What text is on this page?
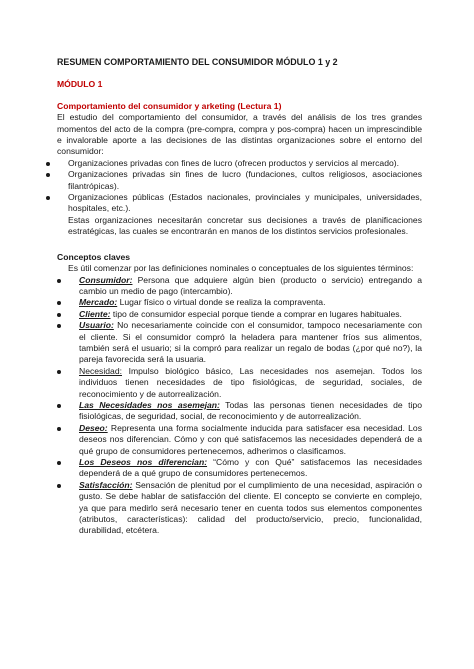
RESUMEN COMPORTAMIENTO DEL CONSUMIDOR MÓDULO 1 y 2
MÓDULO 1
Comportamiento del consumidor y arketing (Lectura 1)

El estudio del comportamiento del consumidor, a través del análisis de los tres grandes momentos del acto de la compra (pre-compra, compra y pos-compra) hacen un imprescindible e invalorable aporte a las decisiones de las distintas organizaciones sobre el entorno del consumidor:

Organizaciones privadas con fines de lucro (ofrecen productos y servicios al mercado).
Organizaciones privadas sin fines de lucro (fundaciones, cultos religiosos, asociaciones filantrópicas).
Organizaciones públicas (Estados nacionales, provinciales y municipales, universidades, hospitales, etc.).

Estas organizaciones necesitarán concretar sus decisiones a través de planificaciones estratégicas, las cuales se encontrarán en manos de los distintos servicios profesionales.

Conceptos claves

Es útil comenzar por las definiciones nominales o conceptuales de los siguientes términos:

Consumidor: Persona que adquiere algún bien (producto o servicio) entregando a cambio un medio de pago (intercambio).
Mercado: Lugar físico o virtual donde se realiza la compraventa.
Cliente: tipo de consumidor especial porque tiende a comprar en lugares habituales.
Usuario: No necesariamente coincide con el consumidor, tampoco necesariamente con el cliente. Si el consumidor compró la heladera para mantener fríos sus alimentos, también será el usuario; si la compró para realizar un regalo de bodas (¿por qué no?), la pareja favorecida será la usuaria.
Necesidad: Impulso biológico básico, Las necesidades nos asemejan. Todos los individuos tienen necesidades de tipo fisiológicas, de seguridad, sociales, de reconocimiento y de autorrealización.
Las Necesidades nos asemejan: Todas las personas tienen necesidades de tipo fisiológicas, de seguridad, social, de reconocimiento y de autorrealización.
Deseo: Representa una forma socialmente inducida para satisfacer esa necesidad. Los deseos nos diferencian. Cómo y con qué satisfacemos las necesidades dependerá de a qué grupo de consumidores pertenecemos, adherimos o clasificamos.
Los Deseos nos diferencian: “Cómo y con Qué” satisfacemos las necesidades dependerá de a qué grupo de consumidores pertenecemos.
Satisfacción: Sensación de plenitud por el cumplimiento de una necesidad, aspiración o gusto. Se debe hablar de satisfacción del cliente. El concepto se convierte en complejo, ya que para medirlo será necesario tener en cuenta todos sus elementos componentes (atributos, características): calidad del producto/servicio, precio, funcionalidad, durabilidad, etcétera.
